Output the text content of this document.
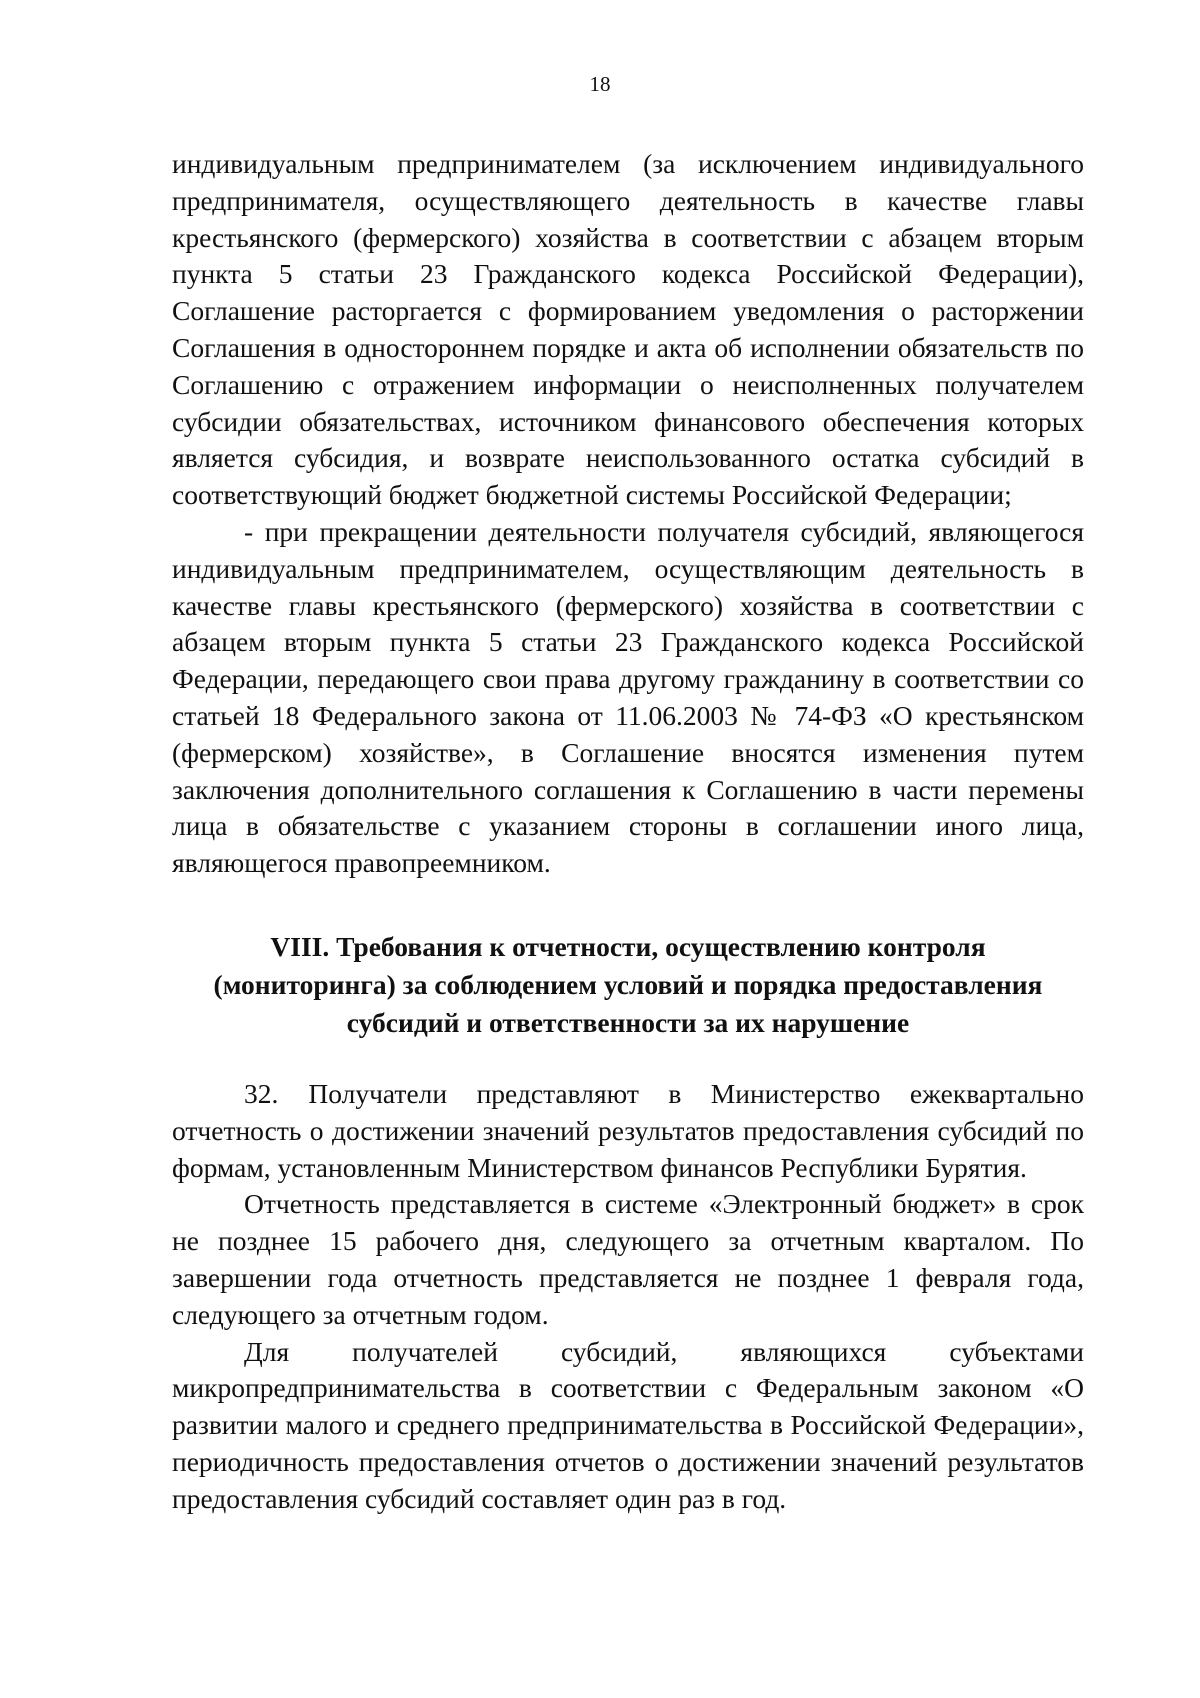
18

индивидуальным предпринимателем (за исключением индивидуального предпринимателя, осуществляющего деятельность в качестве главы крестьянского (фермерского) хозяйства в соответствии с абзацем вторым пункта 5 статьи 23 Гражданского кодекса Российской Федерации), Соглашение расторгается с формированием уведомления о расторжении Соглашения в одностороннем порядке и акта об исполнении обязательств по Соглашению с отражением информации о неисполненных получателем субсидии обязательствах, источником финансового обеспечения которых является субсидия, и возврате неиспользованного остатка субсидий в соответствующий бюджет бюджетной системы Российской Федерации;

- при прекращении деятельности получателя субсидий, являющегося индивидуальным предпринимателем, осуществляющим деятельность в качестве главы крестьянского (фермерского) хозяйства в соответствии с абзацем вторым пункта 5 статьи 23 Гражданского кодекса Российской Федерации, передающего свои права другому гражданину в соответствии со статьей 18 Федерального закона от 11.06.2003 № 74-ФЗ «О крестьянском (фермерском) хозяйстве», в Соглашение вносятся изменения путем заключения дополнительного соглашения к Соглашению в части перемены лица в обязательстве с указанием стороны в соглашении иного лица, являющегося правопреемником.

VIII. Требования к отчетности, осуществлению контроля
(мониторинга) за соблюдением условий и порядка предоставления
субсидий и ответственности за их нарушение

32. Получатели представляют в Министерство ежеквартально отчетность о достижении значений результатов предоставления субсидий по формам, установленным Министерством финансов Республики Бурятия.

Отчетность представляется в системе «Электронный бюджет» в срок не позднее 15 рабочего дня, следующего за отчетным кварталом. По завершении года отчетность представляется не позднее 1 февраля года, следующего за отчетным годом.

Для получателей субсидий, являющихся субъектами микропредпринимательства в соответствии с Федеральным законом «О развитии малого и среднего предпринимательства в Российской Федерации», периодичность предоставления отчетов о достижении значений результатов предоставления субсидий составляет один раз в год.
